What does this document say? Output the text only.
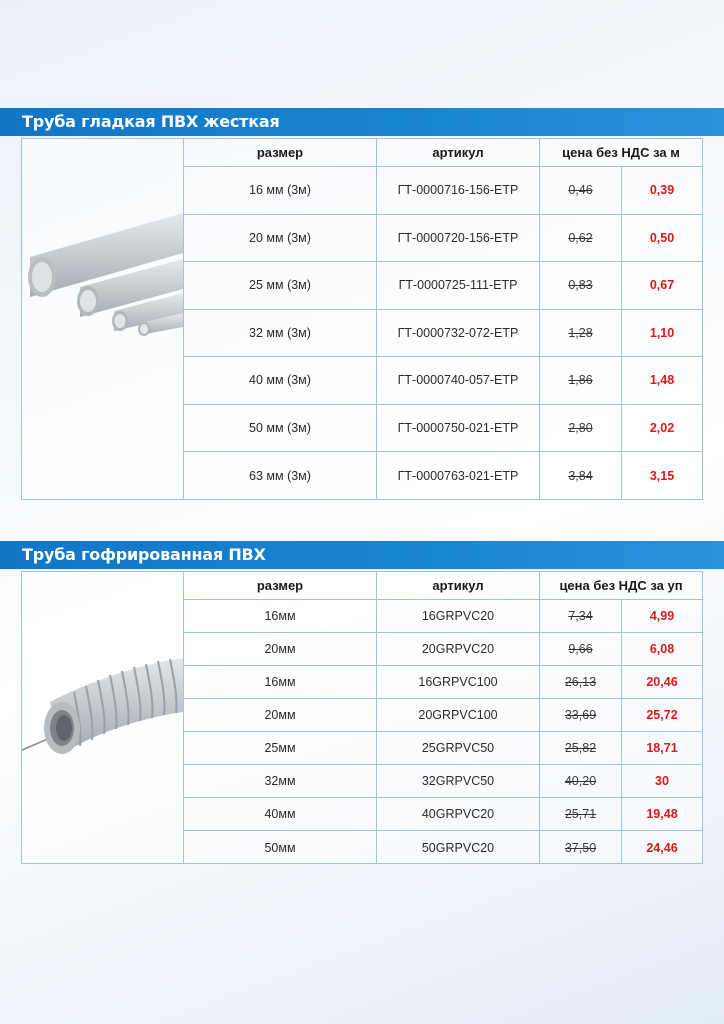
Труба гладкая ПВХ жесткая
размер	артикул	цена без НДС за м
16 мм (3м)	ГТ-0000716-156-ЕТР	0,46	0,39
20 мм (3м)	ГТ-0000720-156-ЕТР	0,62	0,50
25 мм (3м)	ГТ-0000725-111-ЕТР	0,83	0,67
32 мм (3м)	ГТ-0000732-072-ЕТР	1,28	1,10
40 мм (3м)	ГТ-0000740-057-ЕТР	1,86	1,48
50 мм (3м)	ГТ-0000750-021-ЕТР	2,80	2,02
63 мм (3м)	ГТ-0000763-021-ЕТР	3,84	3,15
Труба гофрированная ПВХ
размер	артикул	цена без НДС за уп
16мм	16GRPVC20	7,34	4,99
20мм	20GRPVC20	9,66	6,08
16мм	16GRPVC100	26,13	20,46
20мм	20GRPVC100	33,69	25,72
25мм	25GRPVC50	25,82	18,71
32мм	32GRPVC50	40,20	30
40мм	40GRPVC20	25,71	19,48
50мм	50GRPVC20	37,50	24,46
